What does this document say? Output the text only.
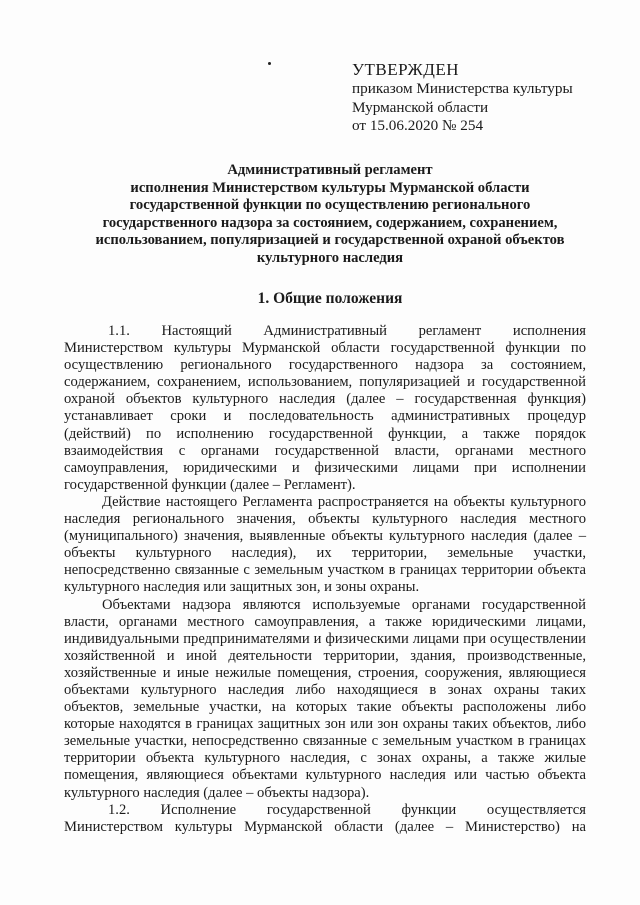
УТВЕРЖДЕН
приказом Министерства культуры
Мурманской области
от 15.06.2020 № 254
Административный регламент
исполнения Министерством культуры Мурманской области
государственной функции по осуществлению регионального
государственного надзора за состоянием, содержанием, сохранением,
использованием, популяризацией и государственной охраной объектов
культурного наследия
1. Общие положения

1.1.      Настоящий      Административный      регламент      исполнения Министерством культуры Мурманской области государственной функции по осуществлению регионального государственного надзора за состоянием, содержанием, сохранением, использованием, популяризацией и государственной охраной объектов культурного наследия (далее – государственная функция) устанавливает сроки и последовательность административных процедур (действий) по исполнению государственной функции, а также порядок взаимодействия с органами государственной власти, органами местного самоуправления, юридическими и физическими лицами при исполнении государственной функции (далее – Регламент).

Действие настоящего Регламента распространяется на объекты культурного наследия регионального значения, объекты культурного наследия местного (муниципального) значения, выявленные объекты культурного наследия (далее – объекты культурного наследия), их территории, земельные участки, непосредственно связанные с земельным участком в границах территории объекта культурного наследия или защитных зон, и зоны охраны.

Объектами надзора являются используемые органами государственной власти, органами местного самоуправления, а также юридическими лицами, индивидуальными предпринимателями и физическими лицами при осуществлении хозяйственной и иной деятельности территории, здания, производственные, хозяйственные и иные нежилые помещения, строения, сооружения, являющиеся объектами культурного наследия либо находящиеся в зонах охраны таких объектов, земельные участки, на которых такие объекты расположены либо которые находятся в границах защитных зон или зон охраны таких объектов, либо земельные участки, непосредственно связанные с земельным участком в границах территории объекта культурного наследия, с зонах охраны, а также жилые помещения, являющиеся объектами культурного наследия или частью объекта культурного наследия (далее – объекты надзора).

1.2.      Исполнение      государственной      функции      осуществляется Министерством культуры Мурманской области (далее – Министерство) на
